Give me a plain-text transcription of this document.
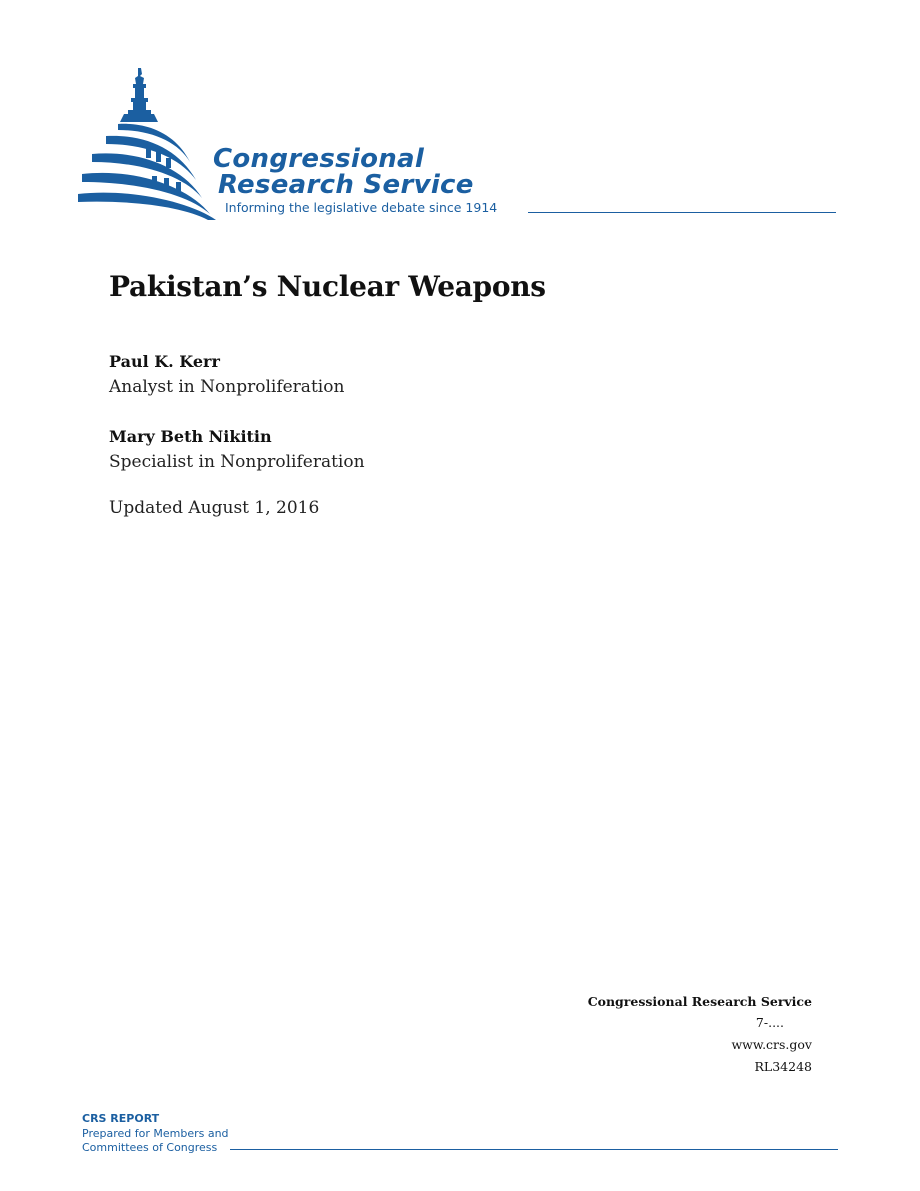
Congressional
Research Service
Informing the legislative debate since 1914
Pakistan’s Nuclear Weapons
Paul K. Kerr
Analyst in Nonproliferation
Mary Beth Nikitin
Specialist in Nonproliferation
Updated August 1, 2016
Congressional Research Service
7-....
www.crs.gov
RL34248
CRS REPORT
Prepared for Members and
Committees of Congress
